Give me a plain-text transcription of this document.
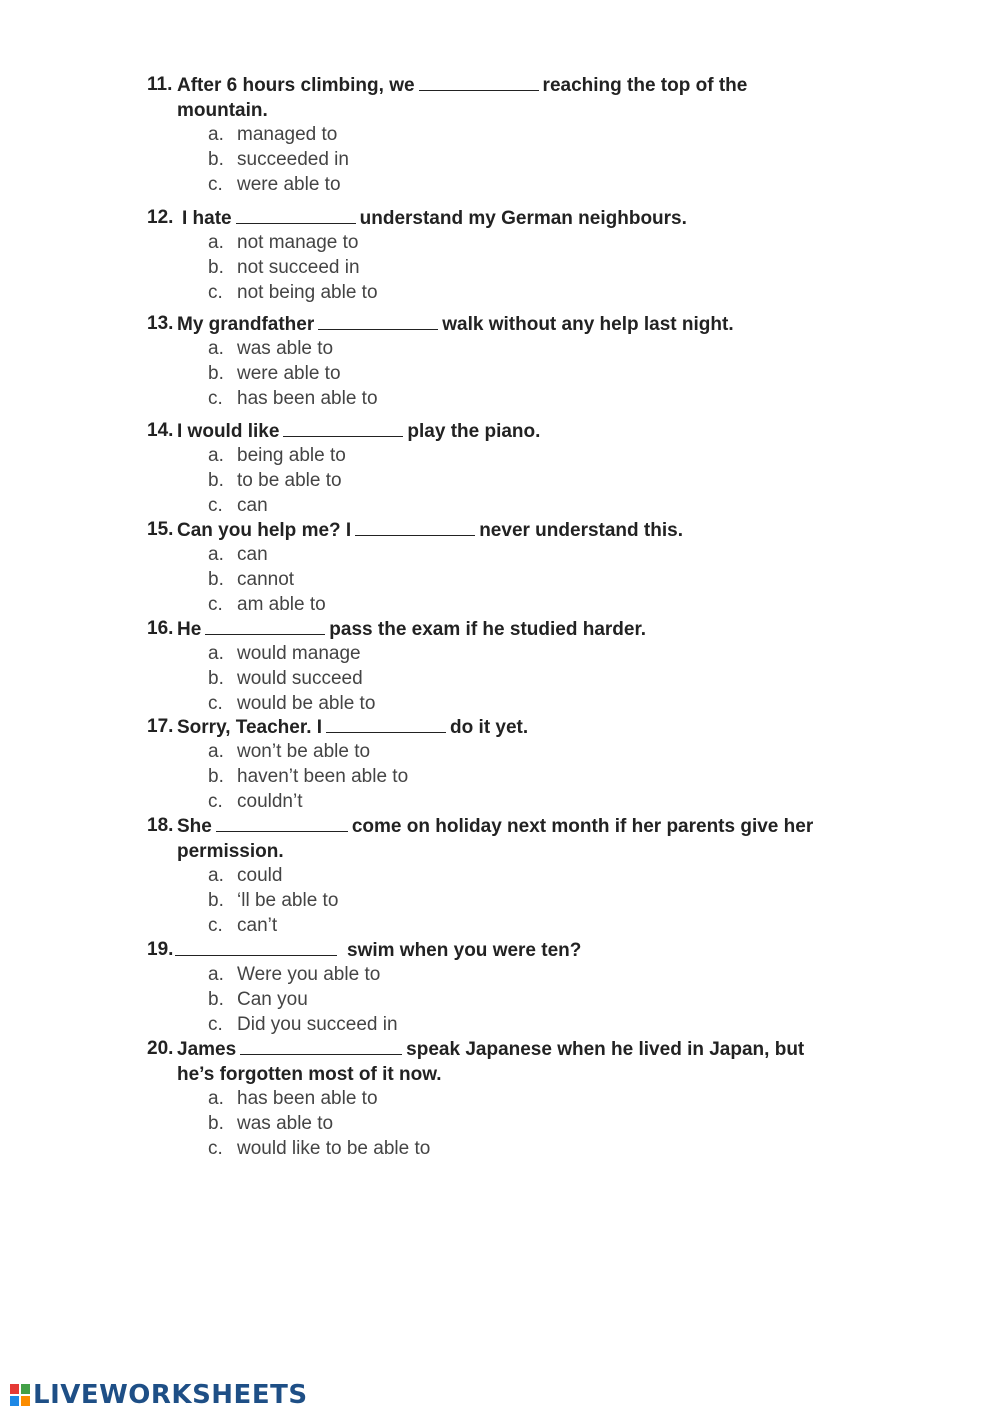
11. After 6 hours climbing, we	reaching the top of the
mountain.
a. managed to
b. succeeded in
c. were able to
12. I hate	understand my German neighbours.
a. not manage to
b. not succeed in
c. not being able to
13. My grandfather	walk without any help last night.
a. was able to
b. were able to
c. has been able to
14. I would like	play the piano.
a. being able to
b. to be able to
c. can
15. Can you help me? I	never understand this.
a. can
b. cannot
c. am able to
16. He	pass the exam if he studied harder.
a. would manage
b. would succeed
c. would be able to
17. Sorry, Teacher. I	do it yet.
a. won’t be able to
b. haven’t been able to
c. couldn’t
18. She	come on holiday next month if her parents give her
permission.
a. could
b. ‘ll be able to
c. can’t
19.	swim when you were ten?
a. Were you able to
b. Can you
c. Did you succeed in
20. James	speak Japanese when he lived in Japan, but
he’s forgotten most of it now.
a. has been able to
b. was able to
c. would like to be able to
LIVEWORKSHEETS
